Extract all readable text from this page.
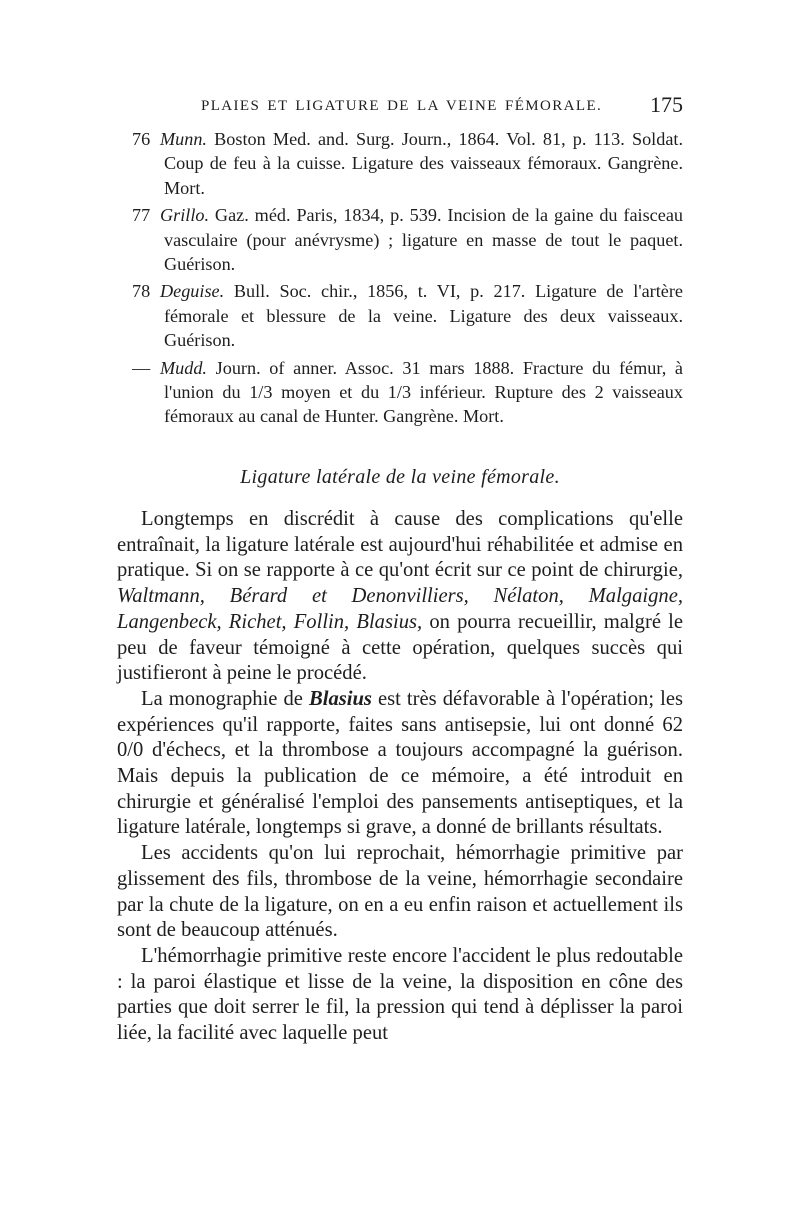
PLAIES ET LIGATURE DE LA VEINE FÉMORALE. 175

76 Munn. Boston Med. and. Surg. Journ., 1864. Vol. 81, p. 113. Soldat. Coup de feu à la cuisse. Ligature des vaisseaux fémoraux. Gangrène. Mort.

77 Grillo. Gaz. méd. Paris, 1834, p. 539. Incision de la gaine du faisceau vasculaire (pour anévrysme) ; ligature en masse de tout le paquet. Guérison.

78 Deguise. Bull. Soc. chir., 1856, t. VI, p. 217. Ligature de l'artère fémorale et blessure de la veine. Ligature des deux vaisseaux. Guérison.

— Mudd. Journ. of anner. Assoc. 31 mars 1888. Fracture du fémur, à l'union du 1/3 moyen et du 1/3 inférieur. Rupture des 2 vaisseaux fémoraux au canal de Hunter. Gangrène. Mort.

Ligature latérale de la veine fémorale.

Longtemps en discrédit à cause des complications qu'elle entraînait, la ligature latérale est aujourd'hui réhabilitée et admise en pratique. Si on se rapporte à ce qu'ont écrit sur ce point de chirurgie, Waltmann, Bérard et Denonvilliers, Nélaton, Malgaigne, Langenbeck, Richet, Follin, Blasius, on pourra recueillir, malgré le peu de faveur témoigné à cette opération, quelques succès qui justifieront à peine le procédé.

La monographie de Blasius est très défavorable à l'opération; les expériences qu'il rapporte, faites sans antisepsie, lui ont donné 62 0/0 d'échecs, et la thrombose a toujours accompagné la guérison. Mais depuis la publication de ce mémoire, a été introduit en chirurgie et généralisé l'emploi des pansements antiseptiques, et la ligature latérale, longtemps si grave, a donné de brillants résultats.

Les accidents qu'on lui reprochait, hémorrhagie primitive par glissement des fils, thrombose de la veine, hémorrhagie secondaire par la chute de la ligature, on en a eu enfin raison et actuellement ils sont de beaucoup atténués.

L'hémorrhagie primitive reste encore l'accident le plus redoutable : la paroi élastique et lisse de la veine, la disposition en cône des parties que doit serrer le fil, la pression qui tend à déplisser la paroi liée, la facilité avec laquelle peut
